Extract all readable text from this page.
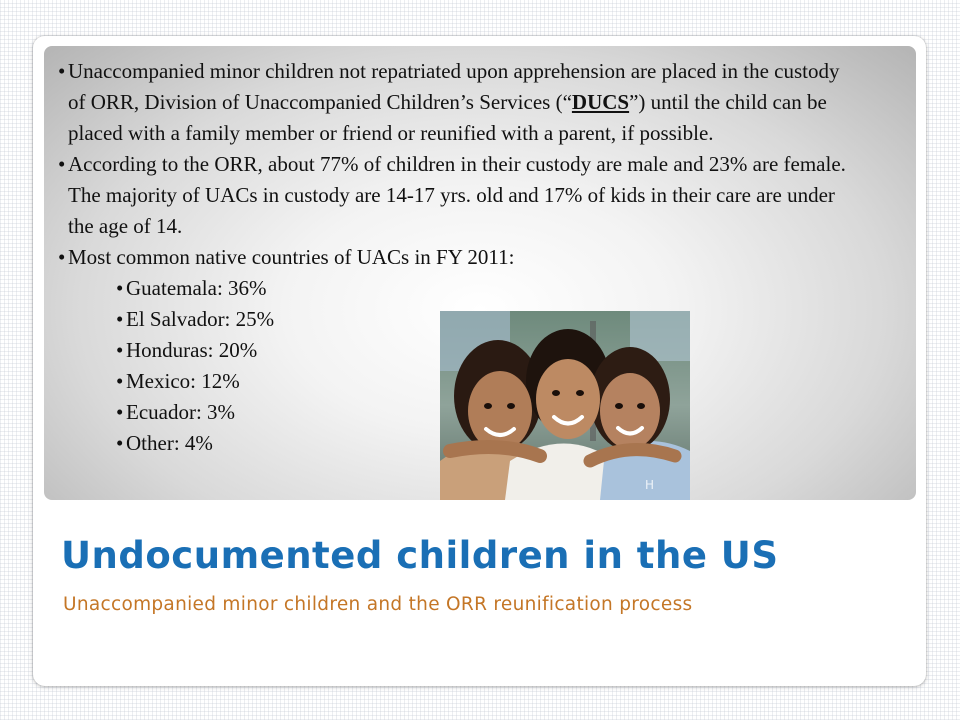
• Unaccompanied minor children not repatriated upon apprehension are placed in the custody of ORR, Division of Unaccompanied Children’s Services (“DUCS”) until the child can be placed with a family member or friend or reunified with a parent, if possible.

• According to the ORR, about 77% of children in their custody are male and 23% are female. The majority of UACs in custody are 14-17 yrs. old and 17% of kids in their care are under the age of 14.

• Most common native countries of UACs in FY 2011:

• Guatemala: 36%
• El Salvador: 25%
• Honduras: 20%
• Mexico: 12%
• Ecuador: 3%
• Other: 4%
H
Undocumented children in the US

Unaccompanied minor children and the ORR reunification process
